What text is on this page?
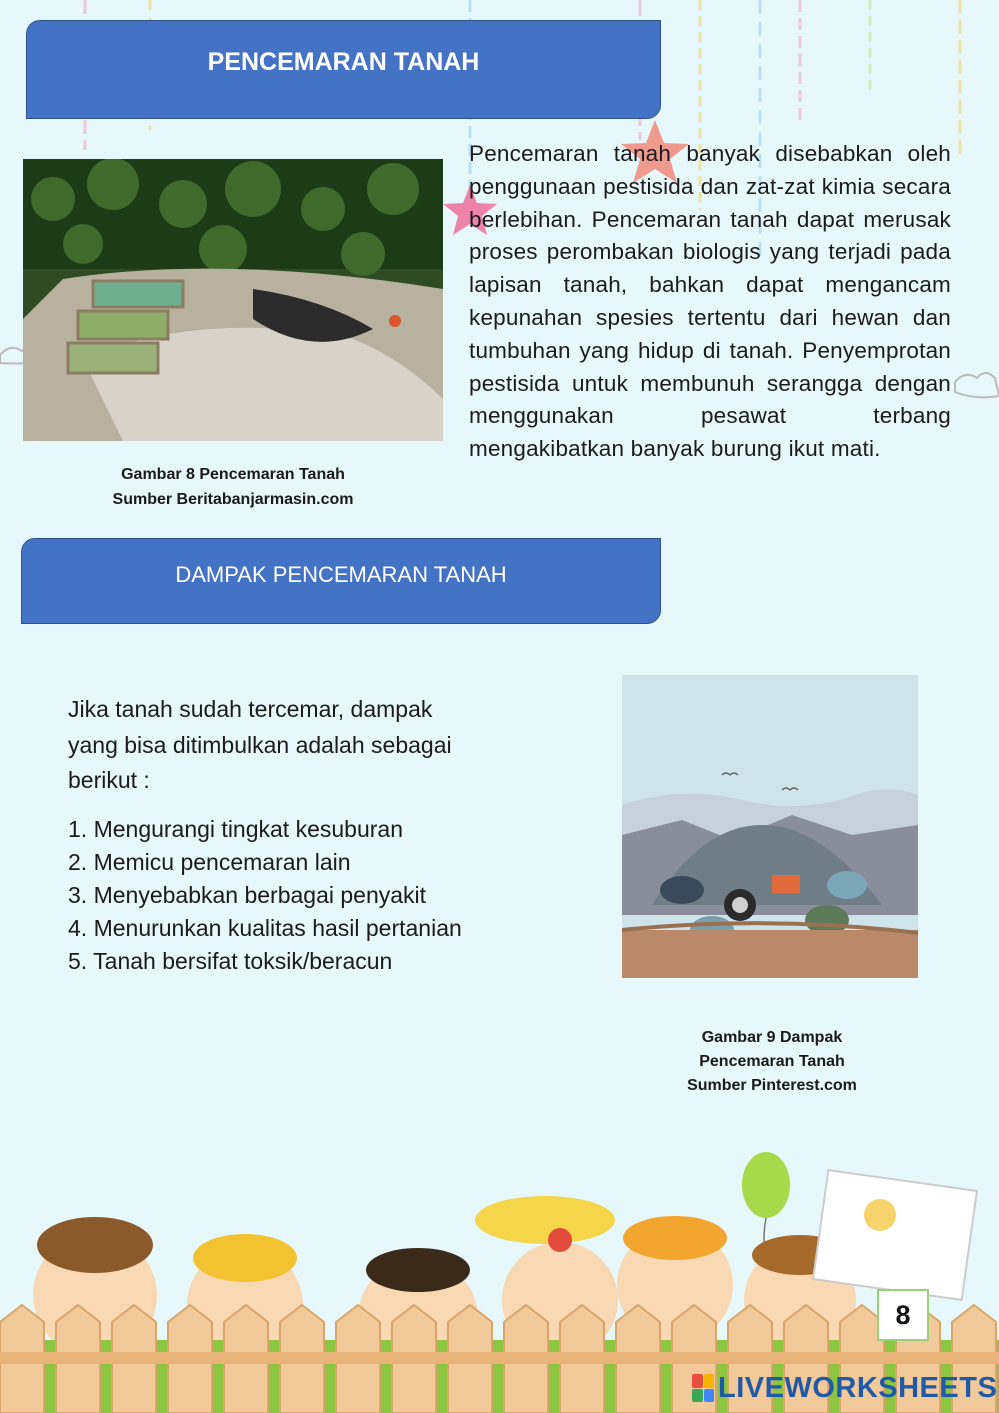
PENCEMARAN TANAH
Gambar 8 Pencemaran Tanah
Sumber Beritabanjarmasin.com
Pencemaran tanah banyak disebabkan oleh penggunaan pestisida dan zat-zat kimia secara berlebihan. Pencemaran tanah dapat merusak proses perombakan biologis yang terjadi pada lapisan tanah, bahkan dapat mengancam kepunahan spesies tertentu dari hewan dan tumbuhan yang hidup di tanah. Penyemprotan pestisida untuk membunuh serangga dengan menggunakan pesawat terbang mengakibatkan banyak burung ikut mati.
DAMPAK PENCEMARAN TANAH
Jika tanah sudah tercemar, dampak yang bisa ditimbulkan adalah sebagai berikut :
1. Mengurangi tingkat kesuburan
2. Memicu pencemaran lain
3. Menyebabkan berbagai penyakit
4. Menurunkan kualitas hasil pertanian
5. Tanah bersifat toksik/beracun
Gambar 9 Dampak
Pencemaran Tanah
Sumber Pinterest.com
8
LIVEWORKSHEETS
